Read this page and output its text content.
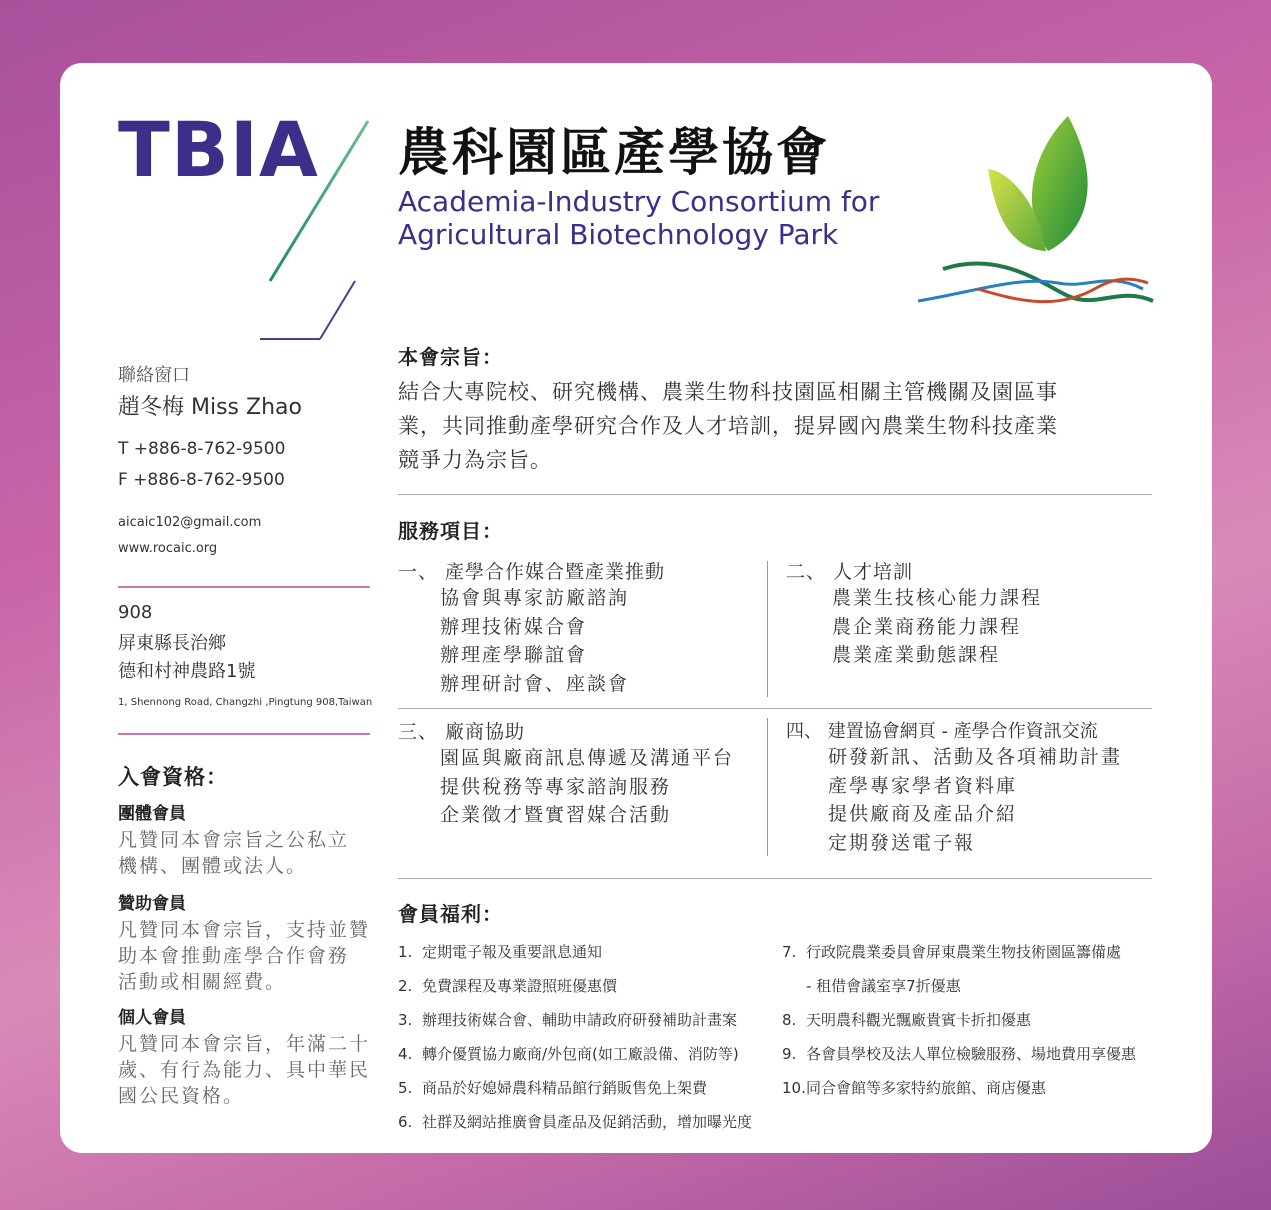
TBIA 農科園區產學協會
Academia-Industry Consortium for
Agricultural Biotechnology Park
聯絡窗口
趙冬梅 Miss Zhao
T +886-8-762-9500
F +886-8-762-9500
aicaic102@gmail.com
www.rocaic.org
908
屏東縣長治鄉
德和村神農路1號
1, Shennong Road, Changzhi ,Pingtung 908,Taiwan
入會資格：
團體會員
凡贊同本會宗旨之公私立
機構、團體或法人。
贊助會員
凡贊同本會宗旨，支持並贊
助本會推動產學合作會務
活動或相關經費。
個人會員
凡贊同本會宗旨，年滿二十
歲、有行為能力、具中華民
國公民資格。
本會宗旨：
結合大專院校、研究機構、農業生物科技園區相關主管機關及園區事
業，共同推動產學研究合作及人才培訓，提昇國內農業生物科技產業
競爭力為宗旨。
服務項目：
一、 產學合作媒合暨產業推動
協會與專家訪廠諮詢
辦理技術媒合會
辦理產學聯誼會
辦理研討會、座談會
二、 人才培訓
農業生技核心能力課程
農企業商務能力課程
農業產業動態課程
三、 廠商協助
園區與廠商訊息傳遞及溝通平台
提供稅務等專家諮詢服務
企業徵才暨實習媒合活動
四、 建置協會網頁 - 產學合作資訊交流
研發新訊、活動及各項補助計畫
產學專家學者資料庫
提供廠商及產品介紹
定期發送電子報
會員福利：
1. 定期電子報及重要訊息通知
2. 免費課程及專業證照班優惠價
3. 辦理技術媒合會、輔助申請政府研發補助計畫案
4. 轉介優質協力廠商/外包商(如工廠設備、消防等)
5. 商品於好媳婦農科精品館行銷販售免上架費
6. 社群及網站推廣會員產品及促銷活動，增加曝光度
7. 行政院農業委員會屏東農業生物技術園區籌備處
- 租借會議室享7折優惠
8. 天明農科觀光飄廠貴賓卡折扣優惠
9. 各會員學校及法人單位檢驗服務、場地費用享優惠
10.同合會館等多家特約旅館、商店優惠
